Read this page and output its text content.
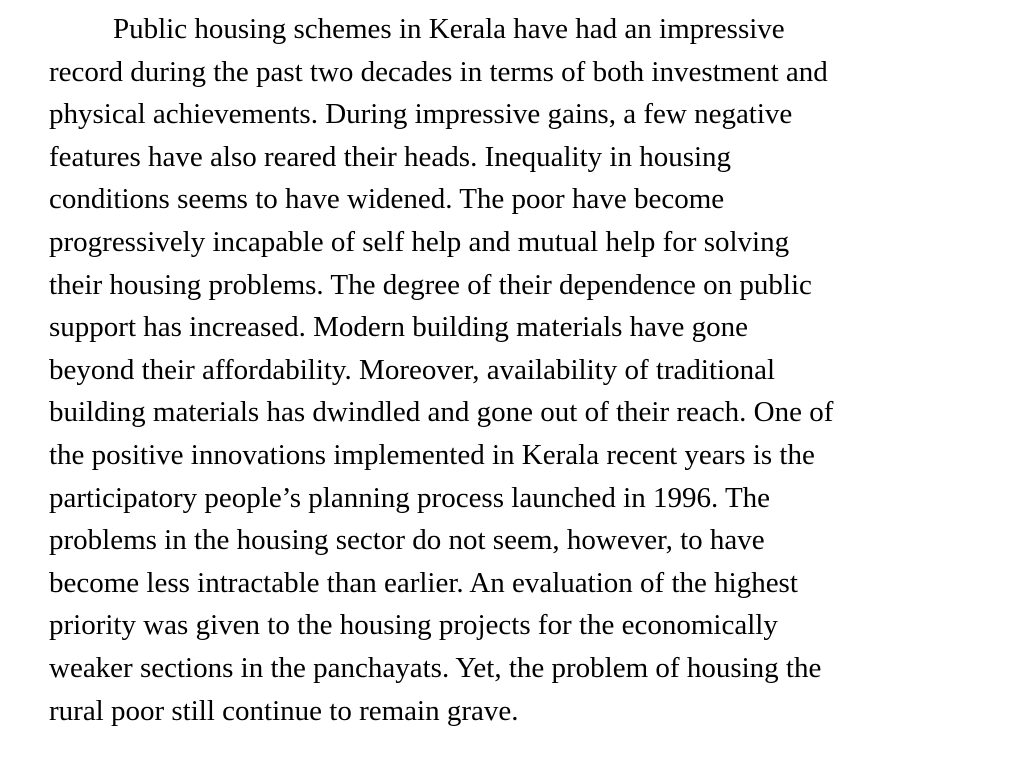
Public housing schemes in Kerala have had an impressive
record during the past two decades in terms of both investment and
physical achievements. During impressive gains, a few negative
features have also reared their heads. Inequality in housing
conditions seems to have widened. The poor have become
progressively incapable of self help and mutual help for solving
their housing problems. The degree of their dependence on public
support has increased. Modern building materials have gone
beyond their affordability. Moreover, availability of traditional
building materials has dwindled and gone out of their reach. One of
the positive innovations implemented in Kerala recent years is the
participatory people’s planning process launched in 1996. The
problems in the housing sector do not seem, however, to have
become less intractable than earlier. An evaluation of the highest
priority was given to the housing projects for the economically
weaker sections in the panchayats. Yet, the problem of housing the
rural poor still continue to remain grave.
